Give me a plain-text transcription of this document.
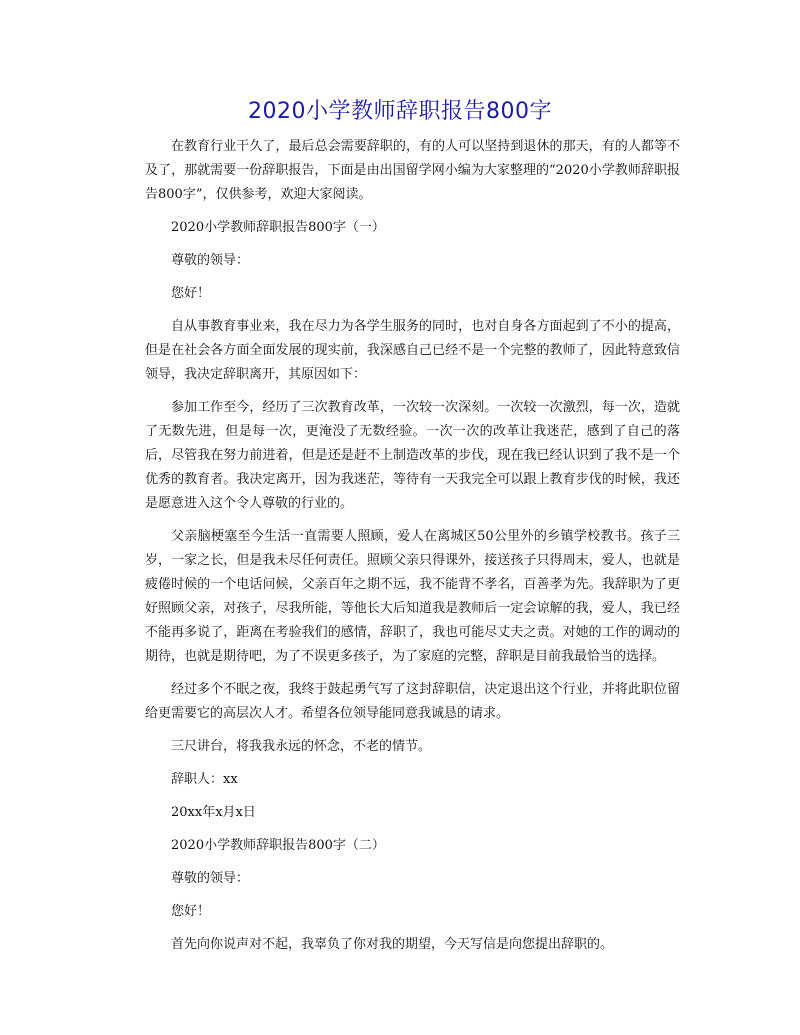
2020小学教师辞职报告800字

在教育行业干久了，最后总会需要辞职的，有的人可以坚持到退休的那天，有的人都等不及了，那就需要一份辞职报告，下面是由出国留学网小编为大家整理的“2020小学教师辞职报告800字”，仅供参考，欢迎大家阅读。

2020小学教师辞职报告800字（一）

尊敬的领导：

您好！

自从事教育事业来，我在尽力为各学生服务的同时，也对自身各方面起到了不小的提高，但是在社会各方面全面发展的现实前，我深感自己已经不是一个完整的教师了，因此特意致信领导，我决定辞职离开，其原因如下：

参加工作至今，经历了三次教育改革，一次较一次深刻。一次较一次激烈，每一次，造就了无数先进，但是每一次，更淹没了无数经验。一次一次的改革让我迷茫，感到了自己的落后，尽管我在努力前进着，但是还是赶不上制造改革的步伐，现在我已经认识到了我不是一个优秀的教育者。我决定离开，因为我迷茫，等待有一天我完全可以跟上教育步伐的时候，我还是愿意进入这个令人尊敬的行业的。

父亲脑梗塞至今生活一直需要人照顾，爱人在离城区50公里外的乡镇学校教书。孩子三岁，一家之长，但是我未尽任何责任。照顾父亲只得课外，接送孩子只得周末，爱人，也就是疲倦时候的一个电话问候，父亲百年之期不远，我不能背不孝名，百善孝为先。我辞职为了更好照顾父亲，对孩子，尽我所能，等他长大后知道我是教师后一定会谅解的我，爱人，我已经不能再多说了，距离在考验我们的感情，辞职了，我也可能尽丈夫之责。对她的工作的调动的期待，也就是期待吧，为了不误更多孩子，为了家庭的完整，辞职是目前我最恰当的选择。

经过多个不眠之夜，我终于鼓起勇气写了这封辞职信，决定退出这个行业，并将此职位留给更需要它的高层次人才。希望各位领导能同意我诚恳的请求。

三尺讲台，将我我永远的怀念，不老的情节。

辞职人：xx

20xx年x月x日

2020小学教师辞职报告800字（二）

尊敬的领导：

您好！

首先向你说声对不起，我辜负了你对我的期望，今天写信是向您提出辞职的。
